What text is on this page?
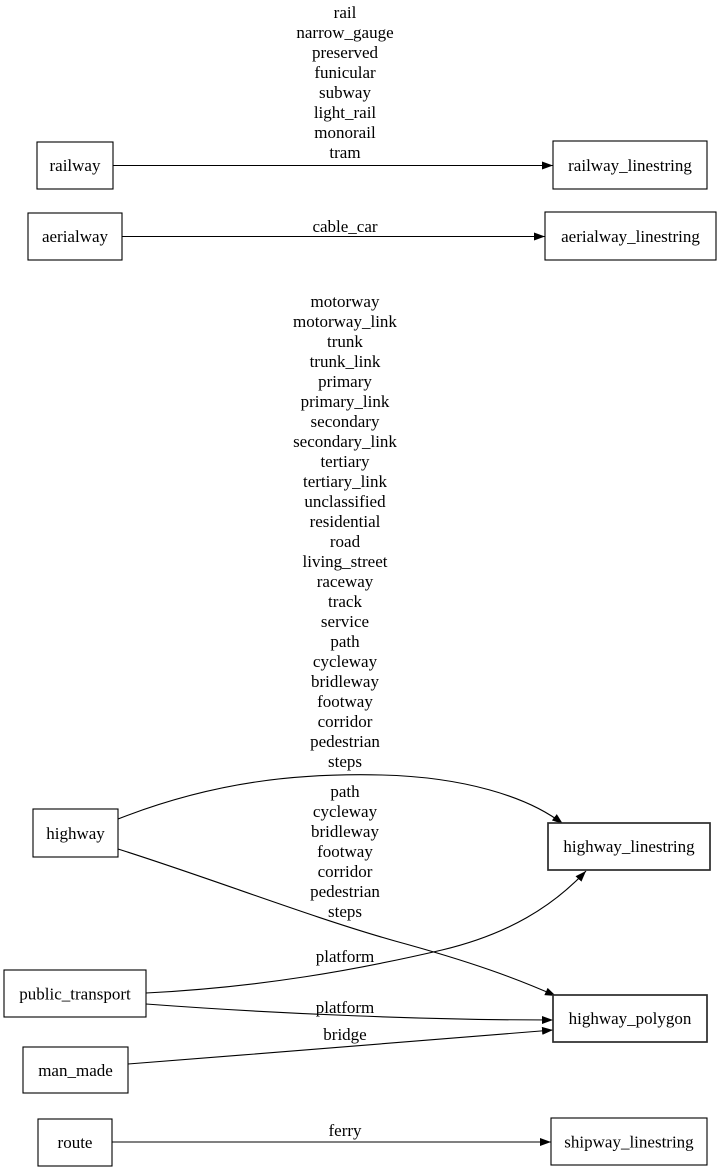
rail
narrow_gauge
preserved
funicular
subway
light_rail
monorail
tram
cable_car
motorway
motorway_link
trunk
trunk_link
primary
primary_link
secondary
secondary_link
tertiary
tertiary_link
unclassified
residential
road
living_street
raceway
track
service
path
cycleway
bridleway
footway
corridor
pedestrian
steps
path
cycleway
bridleway
footway
corridor
pedestrian
steps
platform
platform
bridge
ferry
railway	railway_linestring
aerialway	aerialway_linestring
highway
highway_linestring
public_transport
highway_polygon
man_made
route	shipway_linestring
